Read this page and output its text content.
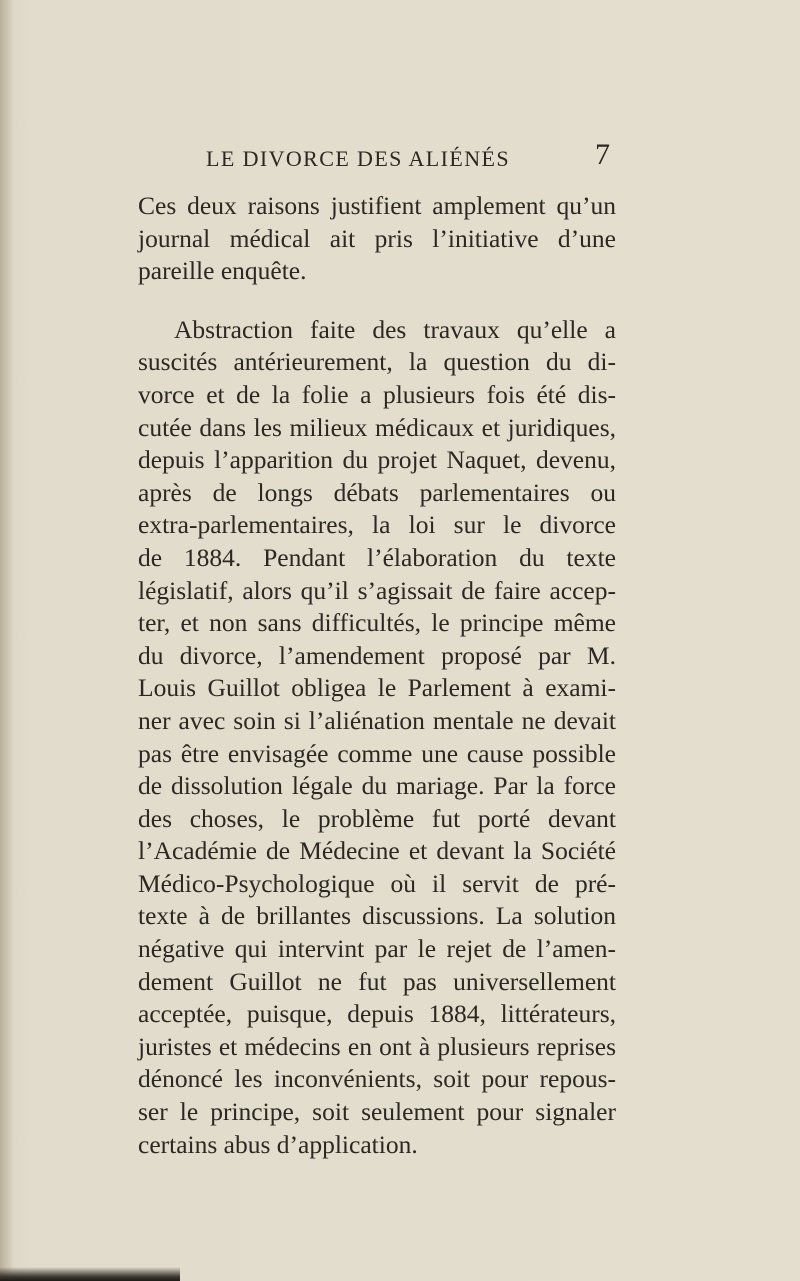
LE DIVORCE DES ALIÉNÉS	7
Ces deux raisons justifient amplement qu’un
journal médical ait pris l’initiative d’une
pareille enquête.
Abstraction faite des travaux qu’elle a
suscités antérieurement, la question du di-
vorce et de la folie a plusieurs fois été dis-
cutée dans les milieux médicaux et juridiques,
depuis l’apparition du projet Naquet, devenu,
après de longs débats parlementaires ou
extra-parlementaires, la loi sur le divorce
de 1884. Pendant l’élaboration du texte
législatif, alors qu’il s’agissait de faire accep-
ter, et non sans difficultés, le principe même
du divorce, l’amendement proposé par M.
Louis Guillot obligea le Parlement à exami-
ner avec soin si l’aliénation mentale ne devait
pas être envisagée comme une cause possible
de dissolution légale du mariage. Par la force
des choses, le problème fut porté devant
l’Académie de Médecine et devant la Société
Médico-Psychologique où il servit de pré-
texte à de brillantes discussions. La solution
négative qui intervint par le rejet de l’amen-
dement Guillot ne fut pas universellement
acceptée, puisque, depuis 1884, littérateurs,
juristes et médecins en ont à plusieurs reprises
dénoncé les inconvénients, soit pour repous-
ser le principe, soit seulement pour signaler
certains abus d’application.
